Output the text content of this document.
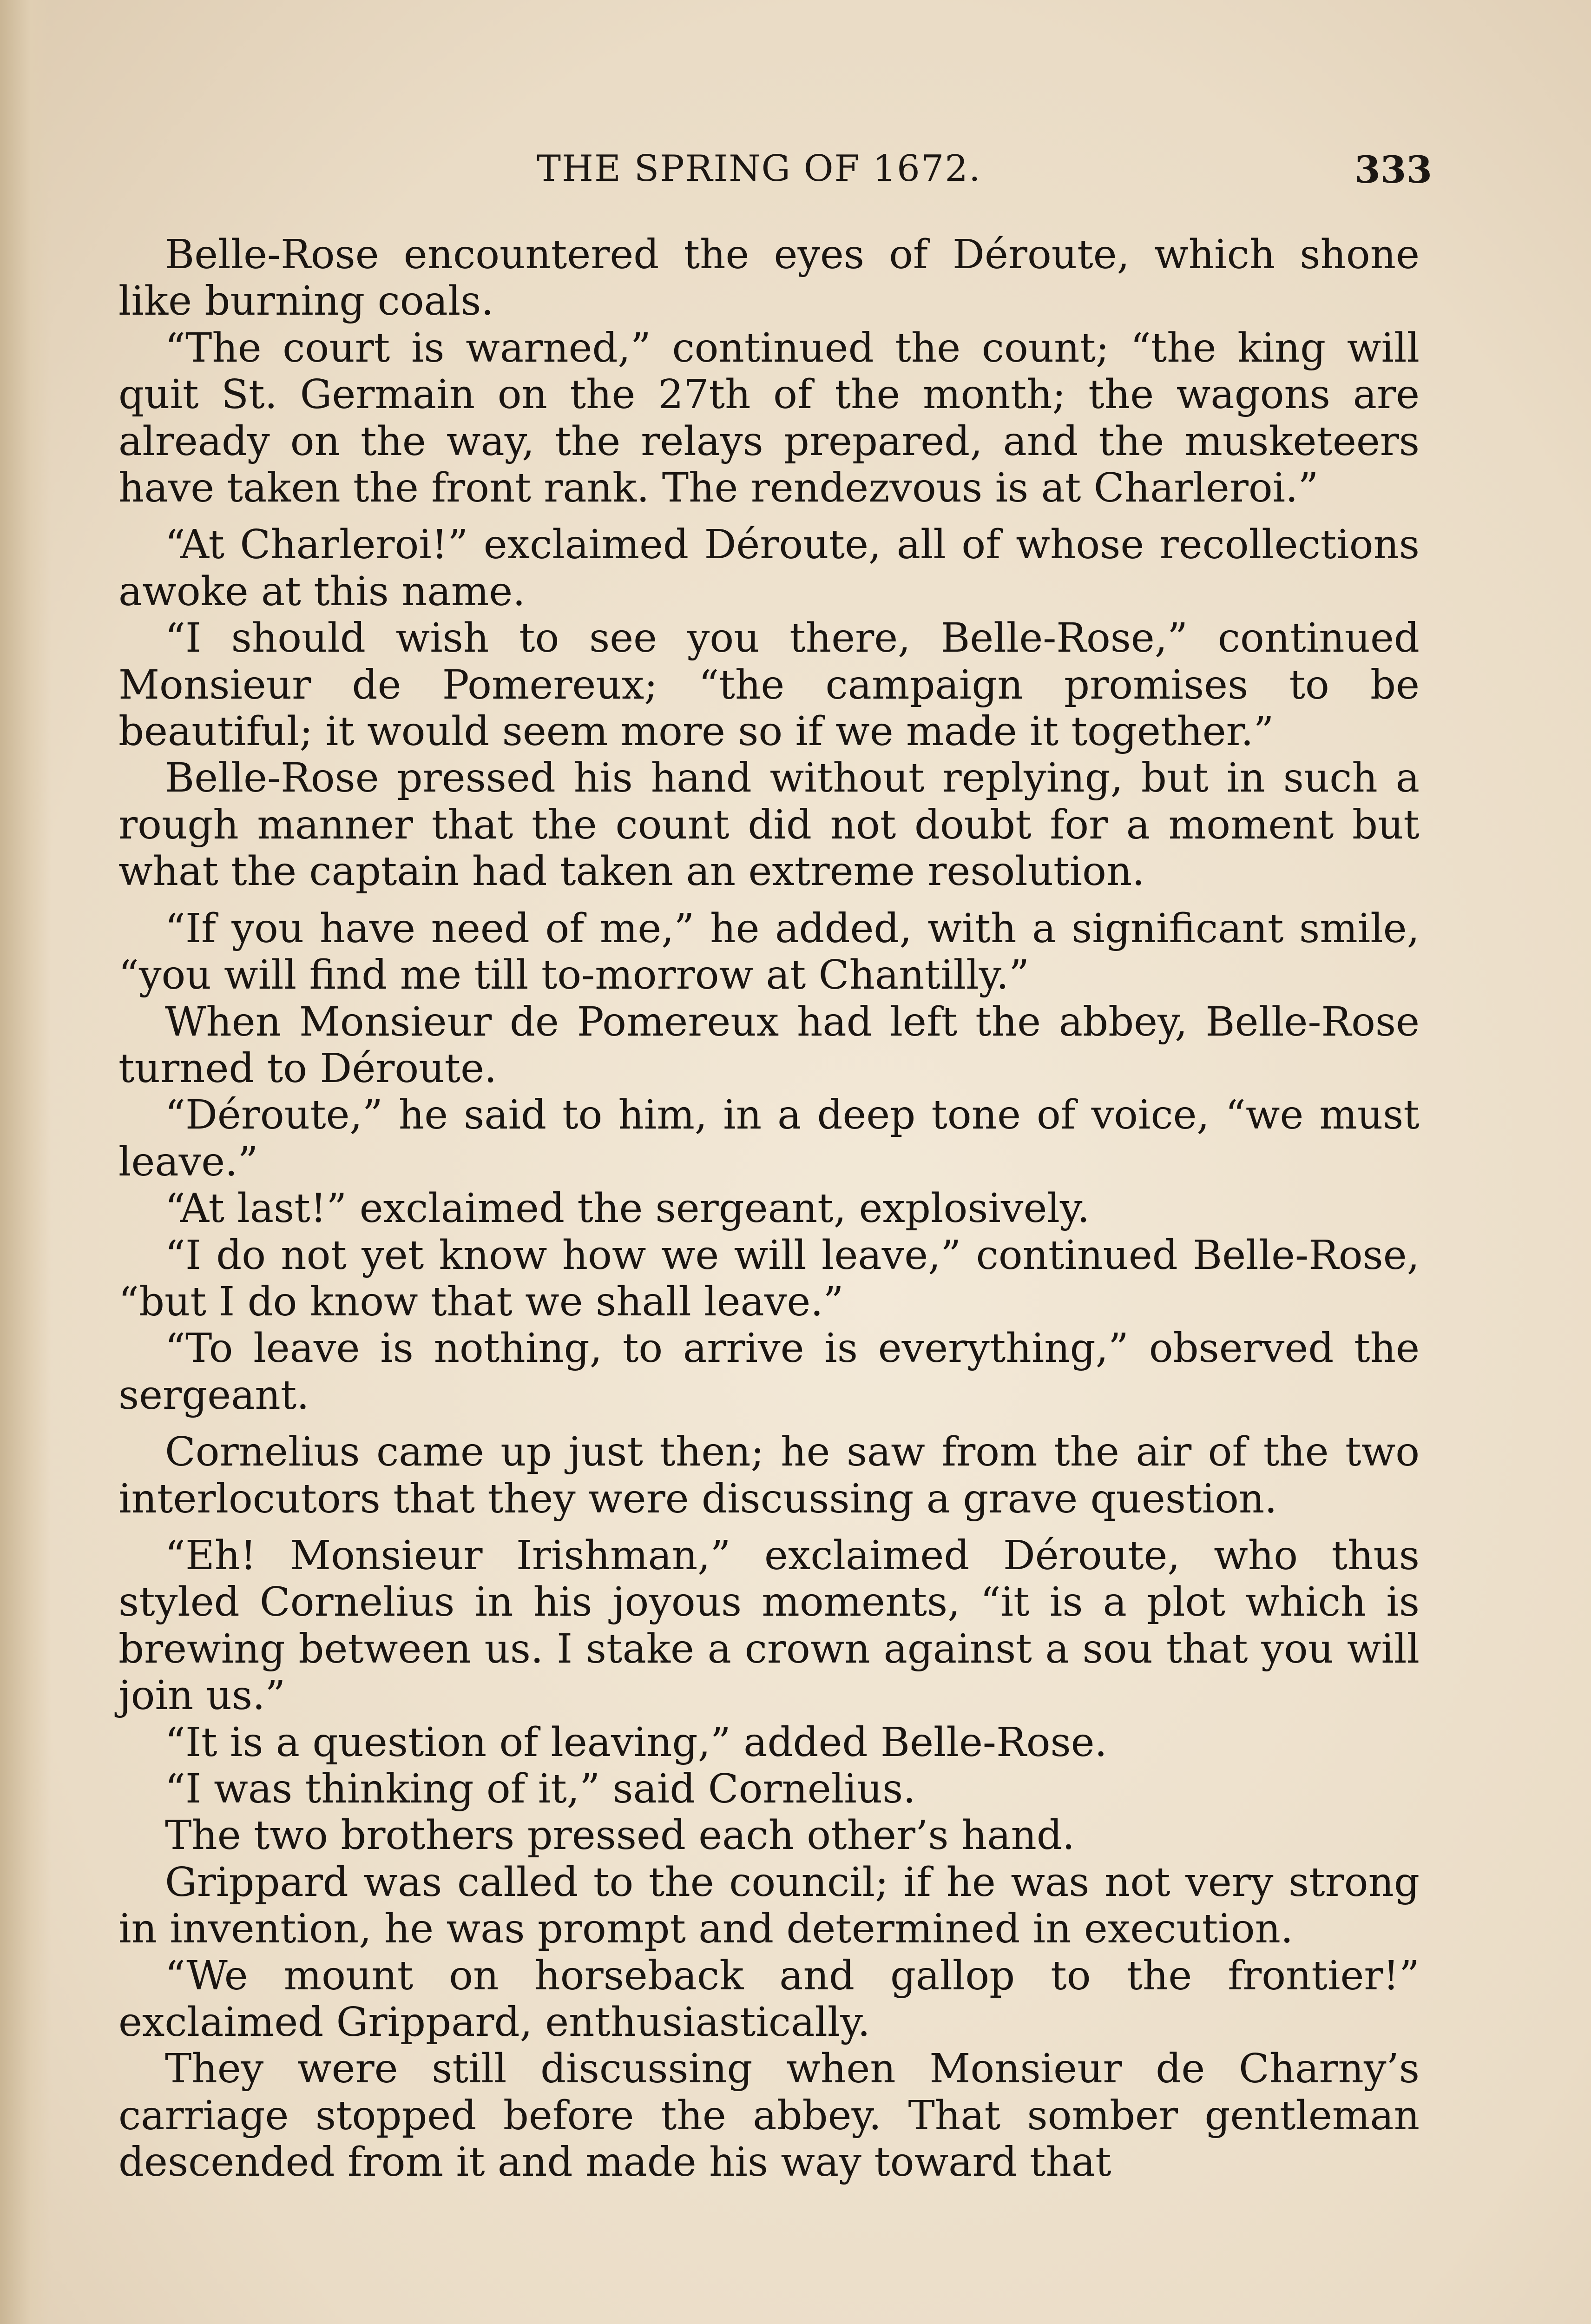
THE SPRING OF 1672.	333

Belle-Rose encountered the eyes of Déroute, which shone like burning coals.

“The court is warned,” continued the count; “the king will quit St. Germain on the 27th of the month; the wagons are already on the way, the relays prepared, and the musketeers have taken the front rank. The rendezvous is at Charleroi.”

“At Charleroi!” exclaimed Déroute, all of whose recollections awoke at this name.

“I should wish to see you there, Belle-Rose,” continued Monsieur de Pomereux; “the campaign promises to be beautiful; it would seem more so if we made it together.”

Belle-Rose pressed his hand without replying, but in such a rough manner that the count did not doubt for a moment but what the captain had taken an extreme resolution.

“If you have need of me,” he added, with a significant smile, “you will find me till to-morrow at Chantilly.”

When Monsieur de Pomereux had left the abbey, Belle-Rose turned to Déroute.

“Déroute,” he said to him, in a deep tone of voice, “we must leave.”

“At last!” exclaimed the sergeant, explosively.

“I do not yet know how we will leave,” continued Belle-Rose, “but I do know that we shall leave.”

“To leave is nothing, to arrive is everything,” observed the sergeant.

Cornelius came up just then; he saw from the air of the two interlocutors that they were discussing a grave question.

“Eh! Monsieur Irishman,” exclaimed Déroute, who thus styled Cornelius in his joyous moments, “it is a plot which is brewing between us. I stake a crown against a sou that you will join us.”

“It is a question of leaving,” added Belle-Rose.

“I was thinking of it,” said Cornelius.

The two brothers pressed each other’s hand.

Grippard was called to the council; if he was not very strong in invention, he was prompt and determined in execution.

“We mount on horseback and gallop to the frontier!” exclaimed Grippard, enthusiastically.

They were still discussing when Monsieur de Charny’s carriage stopped before the abbey. That somber gentleman descended from it and made his way toward that
